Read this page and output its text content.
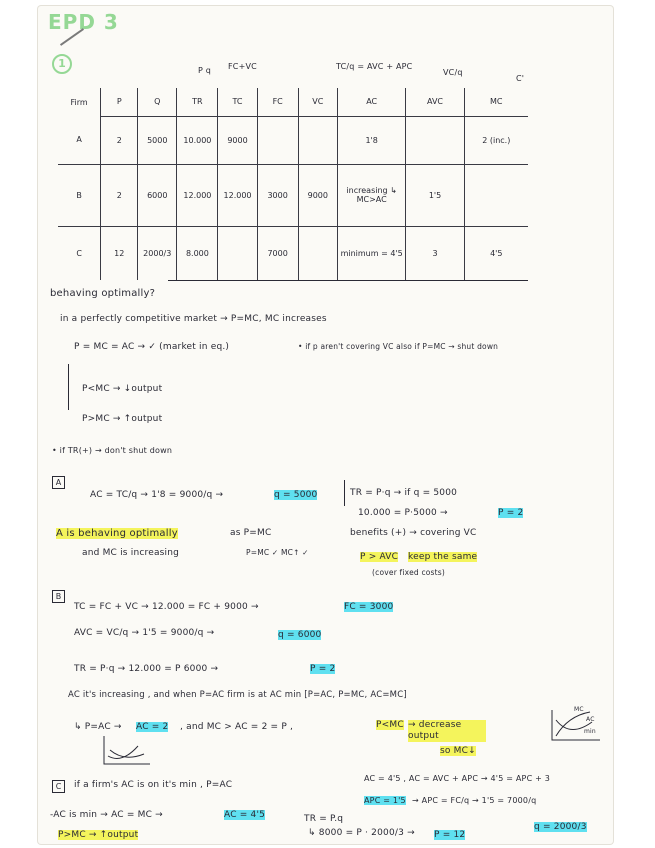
EPD 3
1
P q FC+VC	TC/q = AVC + APC
VC/q
C'
Firm	P	Q	TR	TC	FC	VC	AC	AVC	MC
A	2	5000	10.000	9000			1'8		2 (inc.)
B	2	6000	12.000	12.000	3000	9000	increasing ↳ MC>AC	1'5	
C	12	2000/3	8.000		7000		minimum = 4'5	3	4'5
behaving optimally?
in a perfectly competitive market → P=MC, MC increases
P = MC = AC → ✓ (market in eq.)	• if p aren't covering VC also if P=MC → shut down
P<MC → ↓output
P>MC → ↑output
• if TR(+) → don't shut down
A
AC = TC/q → 1'8 = 9000/q →	q = 5000	TR = P·q → if q = 5000
10.000 = P·5000 →	P = 2
A is behaving optimally	as P=MC	benefits (+) → covering VC
and MC is increasing	P=MC ✓ MC↑ ✓	P > AVC keep the same
(cover fixed costs)
B
TC = FC + VC → 12.000 = FC + 9000 →	FC = 3000
AVC = VC/q → 1'5 = 9000/q →	q = 6000
TR = P·q → 12.000 = P 6000 →	P = 2
AC it's increasing , and when P=AC firm is at AC min [P=AC, P=MC, AC=MC]
↳ P=AC → AC = 2 , and MC > AC = 2 = P ,	P<MC → decrease output
so MC↓
MC
AC
min
C	if a firm's AC is on it's min , P=AC
AC = 4'5 , AC = AVC + APC → 4'5 = APC + 3
APC = 1'5 → APC = FC/q → 1'5 = 7000/q
-AC is min → AC = MC →	AC = 4'5
P>MC → ↑output
TR = P.q
↳ 8000 = P · 2000/3 → P = 12
q = 2000/3
